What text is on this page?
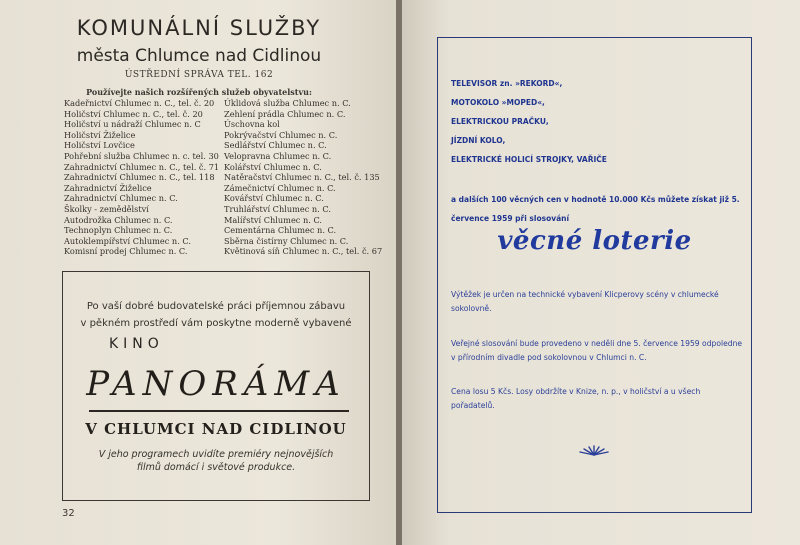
KOMUNÁLNÍ SLUŽBY
města Chlumce nad Cidlinou
ÚSTŘEDNÍ SPRÁVA TEL. 162
Používejte našich rozšířených služeb obyvatelstvu:
Kadeřnictví Chlumec n. C., tel. č. 20
Holičství Chlumec n. C., tel. č. 20
Holičství u nádraží Chlumec n. C
Holičství Žiželice
Holičství Lovčice
Pohřební služba Chlumec n. c. tel. 30
Zahradnictví Chlumec n. C., tel. č. 71
Zahradnictví Chlumec n. C., tel. 118
Zahradnictví Žiželice
Zahradnictví Chlumec n. C.
Školky - zemědělství
Autodrožka Chlumec n. C.
Technoplyn Chlumec n. C.
Autoklempířství Chlumec n. C.
Komisní prodej Chlumec n. C.
Úklidová služba Chlumec n. C.
Zehlení prádla Chlumec n. C.
Úschovna kol
Pokrývačství Chlumec n. C.
Sedlářství Chlumec n. C.
Velopravna Chlumec n. C.
Kolářství Chlumec n. C.
Natěračství Chlumec n. C., tel. č. 135
Zámečnictví Chlumec n. C.
Kovářství Chlumec n. C.
Truhlářství Chlumec n. C.
Malířství Chlumec n. C.
Cementárna Chlumec n. C.
Sběrna čistírny Chlumec n. C.
Květinová síň Chlumec n. C., tel. č. 67
Po vaší dobré budovatelské práci příjemnou zábavu
v pěkném prostředí vám poskytne moderně vybavené
KINO
PANORÁMA
V CHLUMCI NAD CIDLINOU
V jeho programech uvidíte premiéry nejnovějších
filmů domácí i světové produkce.
32
TELEVISOR zn. »REKORD«,
MOTOKOLO »MOPED«,
ELEKTRICKOU PRAČKU,
JÍZDNÍ KOLO,
ELEKTRICKÉ HOLICÍ STROJKY, VAŘIČE
a dalších 100 věcných cen v hodnotě 10.000 Kčs můžete získat již 5. července 1959 při slosování
věcné loterie
Výtěžek je určen na technické vybavení Klicperovy scény v chlumecké sokolovně.
Veřejné slosování bude provedeno v neděli dne 5. července 1959 odpoledne v přírodním divadle pod sokolovnou v Chlumci n. C.
Cena losu 5 Kčs. Losy obdržíte v Knize, n. p., v holičství a u všech pořadatelů.
